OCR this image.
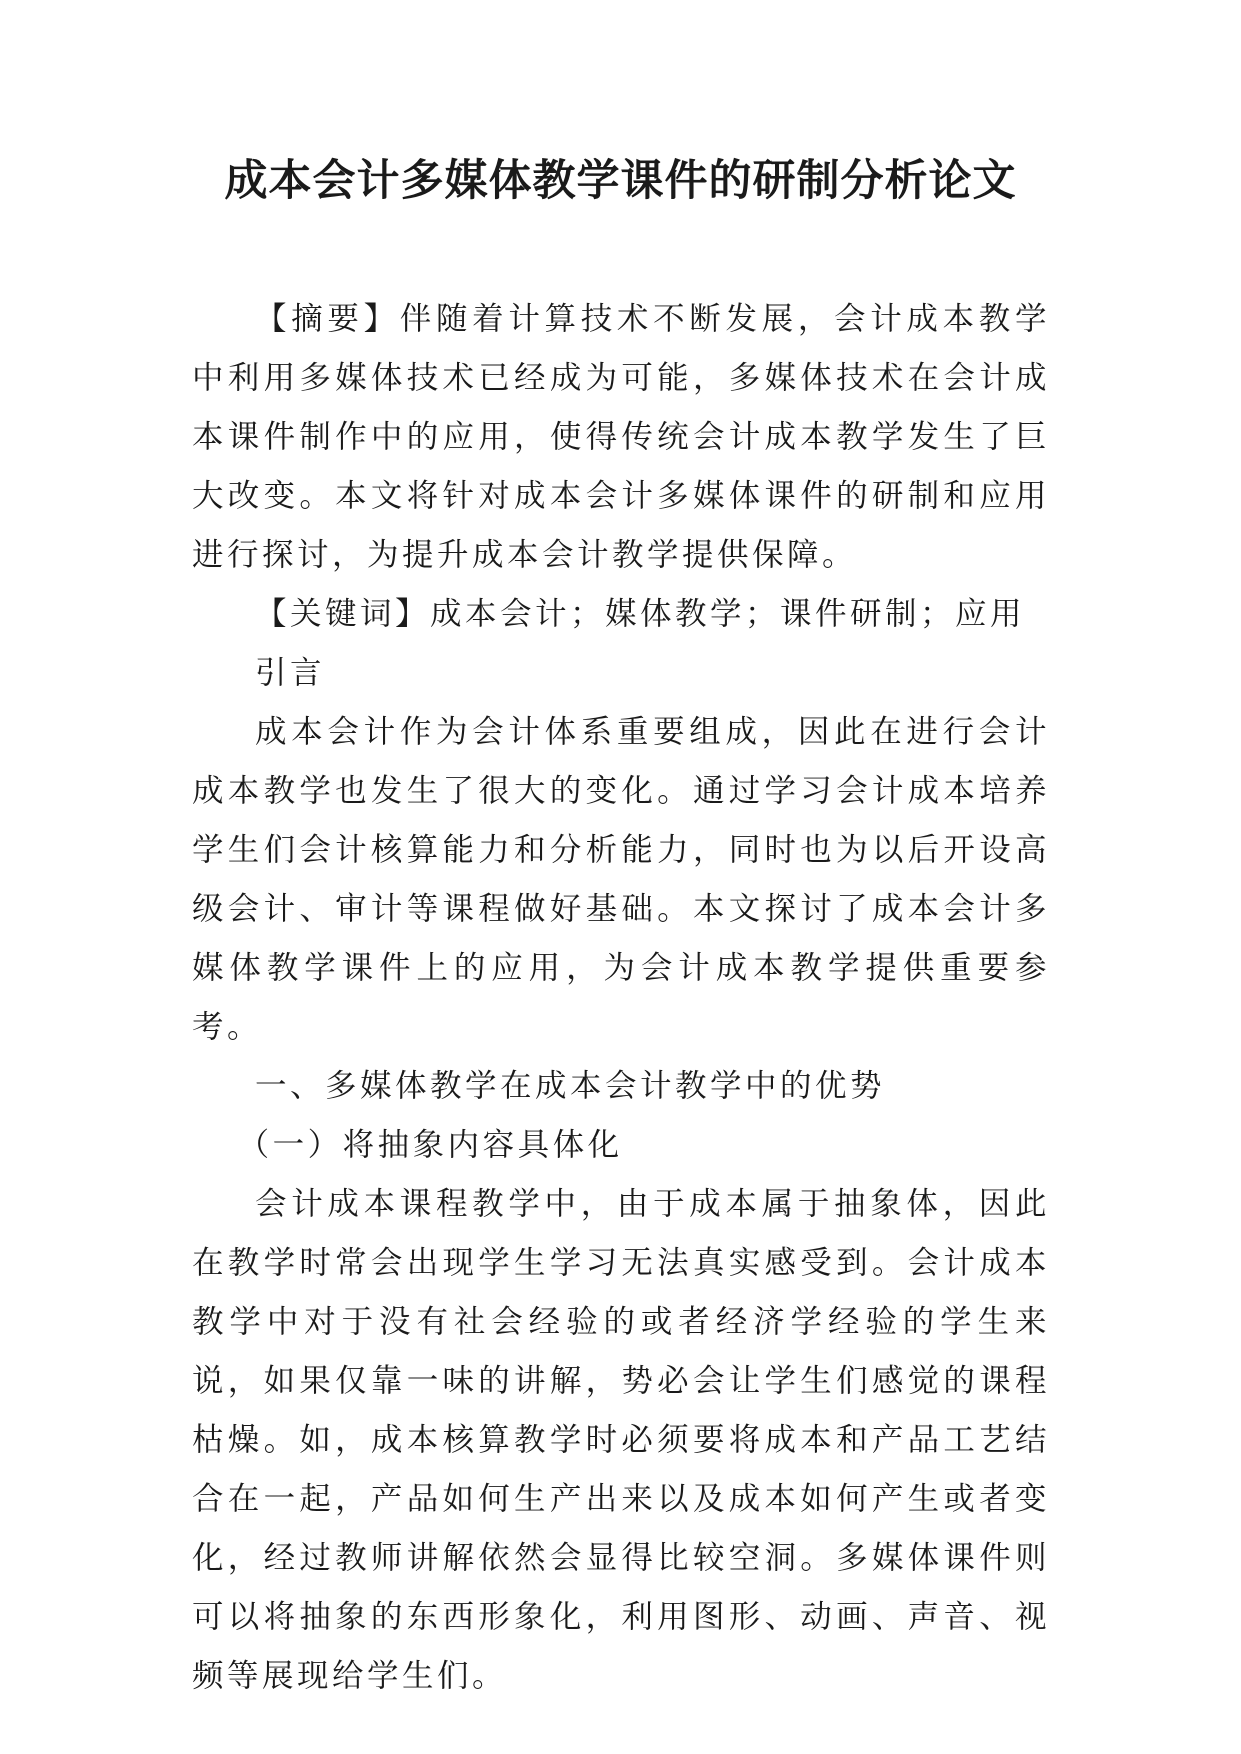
成本会计多媒体教学课件的研制分析论文

【摘要】伴随着计算技术不断发展，会计成本教学中利用多媒体技术已经成为可能，多媒体技术在会计成本课件制作中的应用，使得传统会计成本教学发生了巨大改变。本文将针对成本会计多媒体课件的研制和应用进行探讨，为提升成本会计教学提供保障。

【关键词】成本会计；媒体教学；课件研制；应用

引言

成本会计作为会计体系重要组成，因此在进行会计成本教学也发生了很大的变化。通过学习会计成本培养学生们会计核算能力和分析能力，同时也为以后开设高级会计、审计等课程做好基础。本文探讨了成本会计多媒体教学课件上的应用，为会计成本教学提供重要参考。

一、多媒体教学在成本会计教学中的优势

（一）将抽象内容具体化

会计成本课程教学中，由于成本属于抽象体，因此在教学时常会出现学生学习无法真实感受到。会计成本教学中对于没有社会经验的或者经济学经验的学生来说，如果仅靠一味的讲解，势必会让学生们感觉的课程枯燥。如，成本核算教学时必须要将成本和产品工艺结合在一起，产品如何生产出来以及成本如何产生或者变化，经过教师讲解依然会显得比较空洞。多媒体课件则可以将抽象的东西形象化，利用图形、动画、声音、视频等展现给学生们。
